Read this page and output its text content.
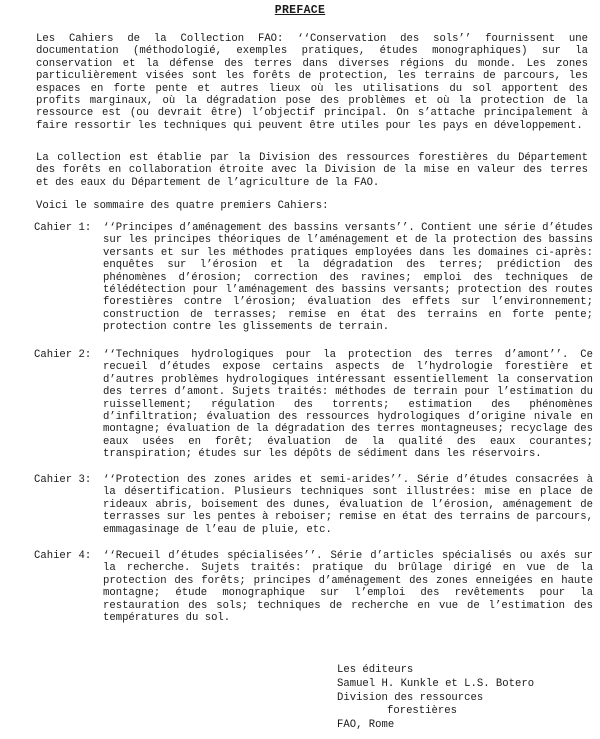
PREFACE
Les Cahiers de la Collection FAO: ‘‘Conservation des sols’’ fournissent une documentation (méthodologié, exemples pratiques, études monographiques) sur la conservation et la défense des terres dans diverses régions du monde. Les zones particulièrement visées sont les forêts de protection, les terrains de parcours, les espaces en forte pente et autres lieux où les utilisations du sol apportent des profits marginaux, où la dégradation pose des problèmes et où la protection de la ressource est (ou devrait être) l’objectif principal. On s’attache principalement à faire ressortir les techniques qui peuvent être utiles pour les pays en développement.
La collection est établie par la Division des ressources forestières du Département des forêts en collaboration étroite avec la Division de la mise en valeur des terres et des eaux du Département de l’agriculture de la FAO.
Voici le sommaire des quatre premiers Cahiers:
Cahier 1:	‘‘Principes d’aménagement des bassins versants’’. Contient une série d’études sur les principes théoriques de l’aménagement et de la protection des bassins versants et sur les méthodes pratiques employées dans les domaines ci-après: enquêtes sur l’érosion et la dégradation des terres; prédiction des phénomènes d’érosion; correction des ravines; emploi des techniques de télédétection pour l’aménagement des bassins versants; protection des routes forestières contre l’érosion; évaluation des effets sur l’environnement; construction de terrasses; remise en état des terrains en forte pente; protection contre les glissements de terrain.
Cahier 2:	‘‘Techniques hydrologiques pour la protection des terres d’amont’’. Ce recueil d’études expose certains aspects de l’hydrologie forestière et d’autres problèmes hydrologiques intéressant essentiellement la conservation des terres d’amont. Sujets traités: méthodes de terrain pour l’estimation du ruissellement; régulation des torrents; estimation des phénomènes d’infiltration; évaluation des ressources hydrologiques d’origine nivale en montagne; évaluation de la dégradation des terres montagneuses; recyclage des eaux usées en forêt; évaluation de la qualité des eaux courantes; transpiration; études sur les dépôts de sédiment dans les réservoirs.
Cahier 3:	‘‘Protection des zones arides et semi-arides’’. Série d’études consacrées à la désertification. Plusieurs techniques sont illustrées: mise en place de rideaux abris, boisement des dunes, évaluation de l’érosion, aménagement de terrasses sur les pentes à reboiser; remise en état des terrains de parcours, emmagasinage de l’eau de pluie, etc.
Cahier 4:	‘‘Recueil d’études spécialisées’’. Série d’articles spécialisés ou axés sur la recherche. Sujets traités: pratique du brûlage dirigé en vue de la protection des forêts; principes d’aménagement des zones enneigées en haute montagne; étude monographique sur l’emploi des revêtements pour la restauration des sols; techniques de recherche en vue de l’estimation des températures du sol.
Les éditeurs
Samuel H. Kunkle et L.S. Botero
Division des ressources
forestières
FAO, Rome
